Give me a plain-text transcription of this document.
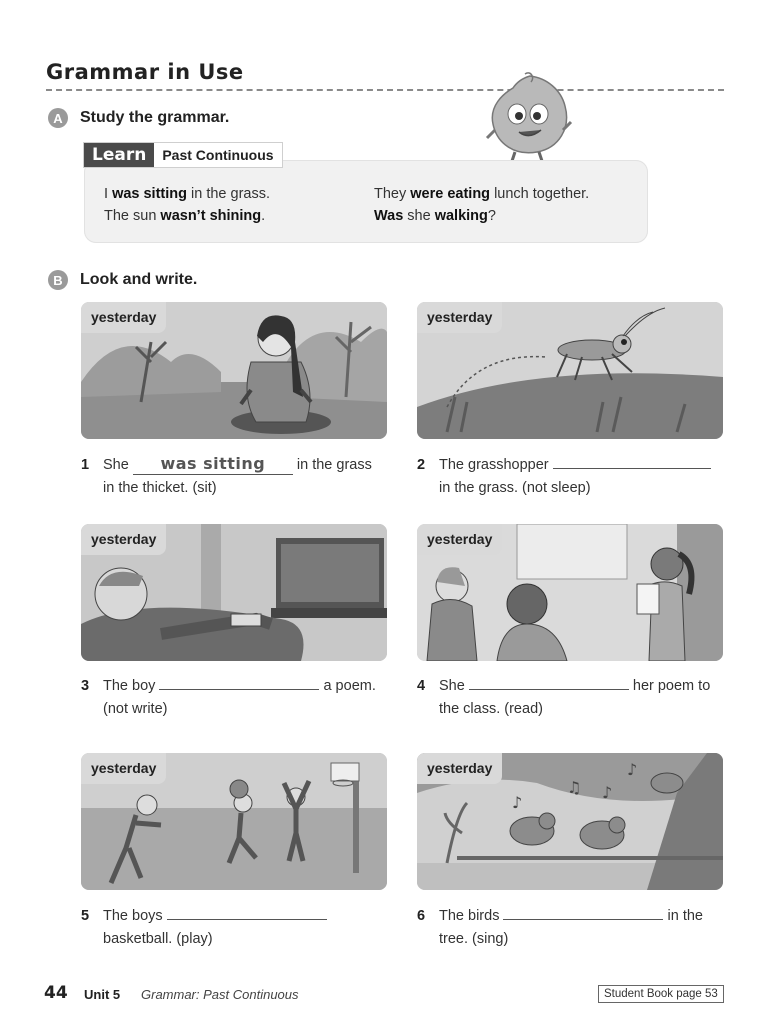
Grammar in Use
A	Study the grammar.
Learn	Past Continuous
I was sitting in the grass.
The sun wasn’t shining.
They were eating lunch together.
Was she walking?
B	Look and write.
yesterday	yesterday
yesterday	yesterday
yesterday
♪
♫ ♪
♪
yesterday
1 She was sitting in the grass
in the thicket. (sit)
2 The grasshopper
in the grass. (not sleep)
3 The boy	a poem.
(not write)
4 She	her poem to
the class. (read)
5 The boys
basketball. (play)
6 The birds	in the
tree. (sing)
44 Unit 5 Grammar: Past Continuous	Student Book page 53
